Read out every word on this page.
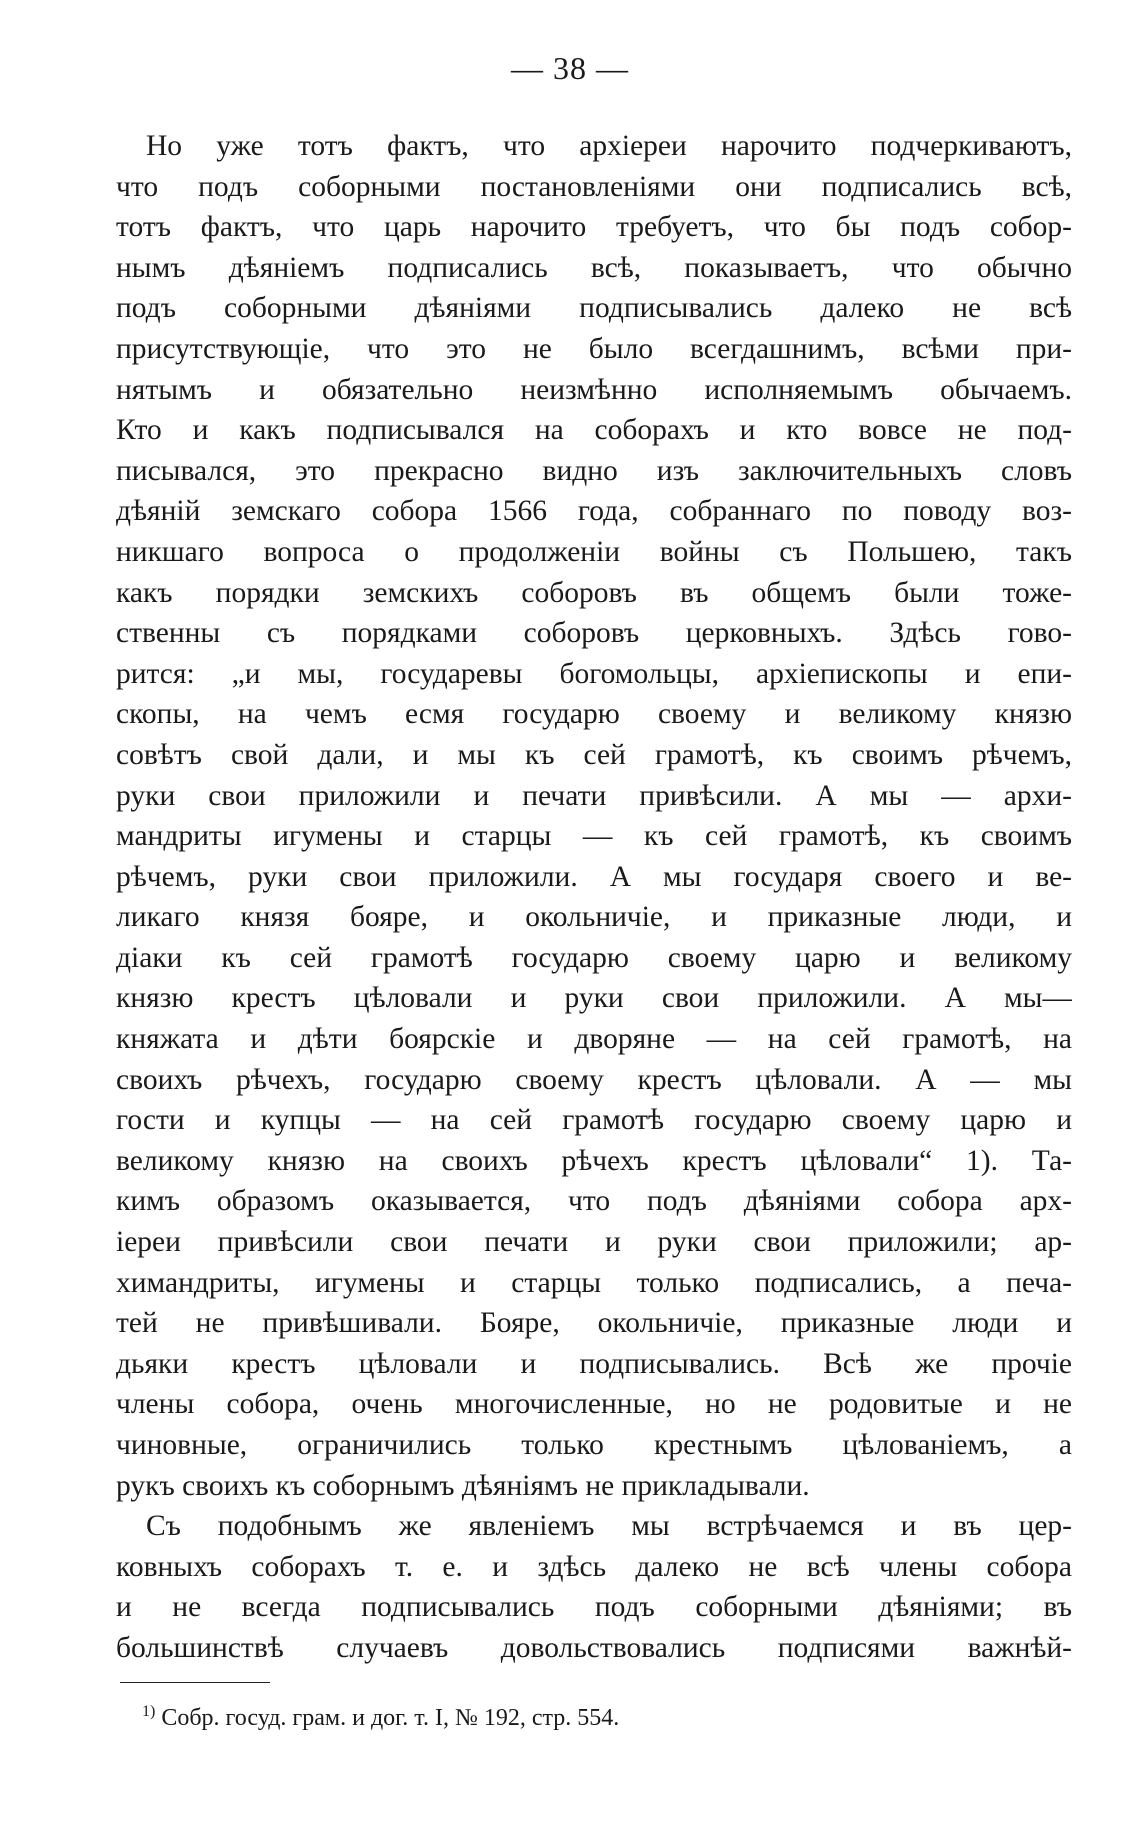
— 38 —
Но уже тотъ фактъ, что архіереи нарочито подчеркиваютъ,
что подъ соборными постановленіями они подписались всѣ,
тотъ фактъ, что царь нарочито требуетъ, что бы подъ собор-
нымъ дѣяніемъ подписались всѣ, показываетъ, что обычно
подъ соборными дѣяніями подписывались далеко не всѣ
присутствующіе, что это не было всегдашнимъ, всѣми при-
нятымъ и обязательно неизмѣнно исполняемымъ обычаемъ.
Кто и какъ подписывался на соборахъ и кто вовсе не под-
писывался, это прекрасно видно изъ заключительныхъ словъ
дѣяній земскаго собора 1566 года, собраннаго по поводу воз-
никшаго вопроса о продолженіи войны съ Польшею, такъ
какъ порядки земскихъ соборовъ въ общемъ были тоже-
ственны съ порядками соборовъ церковныхъ. Здѣсь гово-
рится: „и мы, государевы богомольцы, архіепископы и епи-
скопы, на чемъ есмя государю своему и великому князю
совѣтъ свой дали, и мы къ сей грамотѣ, къ своимъ рѣчемъ,
руки свои приложили и печати привѣсили. А мы — архи-
мандриты игумены и старцы — къ сей грамотѣ, къ своимъ
рѣчемъ, руки свои приложили. А мы государя своего и ве-
ликаго князя бояре, и окольничіе, и приказные люди, и
діаки къ сей грамотѣ государю своему царю и великому
князю крестъ цѣловали и руки свои приложили. А мы—
княжата и дѣти боярскіе и дворяне — на сей грамотѣ, на
своихъ рѣчехъ, государю своему крестъ цѣловали. А — мы
гости и купцы — на сей грамотѣ государю своему царю и
великому князю на своихъ рѣчехъ крестъ цѣловали“ 1). Та-
кимъ образомъ оказывается, что подъ дѣяніями собора арх-
іереи привѣсили свои печати и руки свои приложили; ар-
химандриты, игумены и старцы только подписались, а печа-
тей не привѣшивали. Бояре, окольничіе, приказные люди и
дьяки крестъ цѣловали и подписывались. Всѣ же прочіе
члены собора, очень многочисленные, но не родовитые и не
чиновные, ограничились только крестнымъ цѣлованіемъ, а
рукъ своихъ къ соборнымъ дѣяніямъ не прикладывали.
Съ подобнымъ же явленіемъ мы встрѣчаемся и въ цер-
ковныхъ соборахъ т. е. и здѣсь далеко не всѣ члены собора
и не всегда подписывались подъ соборными дѣяніями; въ
большинствѣ случаевъ довольствовались подписями важнѣй-
$^{1)}$ Собр. госуд. грам. и дог. т. I, № 192, стр. 554.
